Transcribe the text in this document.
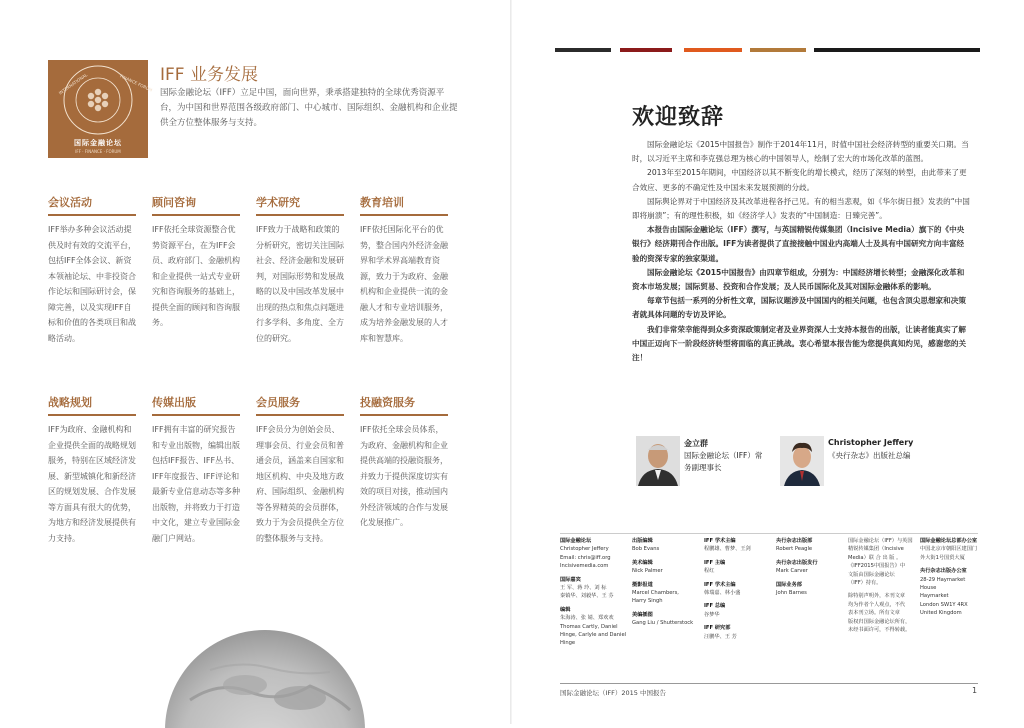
INTERNATIONAL	FINANCE FORUM
国际金融论坛
IFF · FINANCE · FORUM
IFF 业务发展
国际金融论坛（IFF）立足中国，面向世界，秉承搭建独特的全球优秀资源平台，为中国和世界范围各级政府部门、中心城市、国际组织、金融机构和企业提供全方位整体服务与支持。
会议活动
IFF举办多种会议活动提供及时有效的交流平台，包括IFF全体会议、新资本领袖论坛、中非投资合作论坛和国际研讨会，保障完善，以及实现IFF自标和价值的各类项目和战略活动。
顾问咨询
IFF依托全球资源整合优势资源平台，在为IFF会员、政府部门、金融机构和企业提供一站式专业研究和咨询服务的基础上，提供全面的顾问和咨询服务。
学术研究
IFF致力于战略和政策的分析研究，密切关注国际社会、经济金融和发展研判，对国际形势和发展战略的以及中国改革发展中出现的热点和焦点问题进行多学科、多角度、全方位的研究。
教育培训
IFF依托国际化平台的优势，整合国内外经济金融界和学术界高端教育资源，致力于为政府、金融机构和企业提供一流的金融人才和专业培训服务，成为培养金融发展的人才库和智慧库。
战略规划
IFF为政府、金融机构和企业提供全面的战略规划服务，特别在区域经济发展、新型城镇化和新经济区的规划发展、合作发展等方面具有很大的优势，为地方和经济发展提供有力支持。
传媒出版
IFF拥有丰富的研究报告和专业出版物，编辑出版包括IFF报告、IFF丛书、IFF年度报告、IFF评论和最新专业信息动态等多种出版物，并将致力于打造中文化，建立专业国际金融门户网站。
会员服务
IFF会员分为创始会员、理事会员、行业会员和普通会员，涵盖来自国家和地区机构、中央及地方政府、国际组织、金融机构等各界精英的会员群体，致力于为会员提供全方位的整体服务与支持。
投融资服务
IFF依托全球会员体系，为政府、金融机构和企业提供高端的投融资服务，并致力于提供深度切实有效的项目对接，推动国内外经济领域的合作与发展化发展推广。
欢迎致辞

国际金融论坛《2015中国报告》制作于2014年11月，时值中国社会经济转型的重要关口期。当时，以习近平主席和李克强总理为核心的中国领导人，绘制了宏大的市场化改革的蓝图。

2013年至2015年期间，中国经济以其不断变化的增长模式，经历了深刻的转型，由此带来了更合效应、更多的不确定性及中国未来发展预测的分歧。

国际舆论界对于中国经济及其改革进程各抒己见。有的相当悲观，如《华尔街日报》发表的“中国即将崩溃”；有的理性积极，如《经济学人》发表的“中国制造：日臻完善”。

本报告由国际金融论坛（IFF）撰写，与英国精锐传媒集团（Incisive Media）旗下的《中央银行》经济期刊合作出版。IFF为读者提供了直接接触中国业内高端人士及具有中国研究方向丰富经验的资深专家的独家渠道。

国际金融论坛《2015中国报告》由四章节组成，分别为：中国经济增长转型；金融深化改革和资本市场发展；国际贸易、投资和合作发展；及人民币国际化及其对国际金融体系的影响。

每章节包括一系列的分析性文章，国际议题涉及中国国内的相关问题，也包含顶尖思想家和决策者就具体问题的专访及评论。

我们非常荣幸能得到众多资深政策制定者及业界资深人士支持本报告的出版，让读者能真实了解中国正迈向下一阶段经济转型将面临的真正挑战。衷心希望本报告能为您提供真知灼见，感谢您的关注！

金立群
国际金融论坛（IFF）常务副理事长
Christopher Jeffery
《央行杂志》出版社总编
国际金融论坛
Christopher Jeffery
Email: chris@iff.org
Incisivemedia.com
国际嘉宾
王 军、蒋 玲、刘 标
秦镇华、刘毅华、王 芬
编辑
朱海涛、张 婧、郑欢欢
Thomas Cartly, Daniel
Hinge, Carlyle and Daniel
Hinge
出版编辑
Bob Evans
美术编辑
Nick Palmer
摄影报道
Marcel Chambers,
Harry Singh
美编插图
Gang Liu / Shutterstock
IFF 学术主编
程鹏雄、曹梦、王剑
IFF 主编
程红
IFF 学术主编
韩瑞嘉、林小盛
IFF 总编
谷梦华
IFF 研究部
汪鹏华、王 芳
央行杂志出版部
Robert Peagle
央行杂志出版发行
Mark Carver
国际业务部
John Barnes
国际金融论坛（IFF）与英国精锐传媒集团（Incisive
Media）联 合 出 版 。
《IFF2015中国报告》中
文版由国际金融论坛
（IFF）持有。
除特别声明外，本刊文章
均为作者个人观点，不代
表本刊立场。所有文章
版权归国际金融论坛所有，
未经书面许可，不得转载。
国际金融论坛总部办公室
中国北京市朝阳区建国门
外大街1号国贸大厦
央行杂志出版办公室
28-29 Haymarket House
Haymarket
London SW1Y 4RX
United Kingdom
国际金融论坛（IFF）2015 中国报告	1
